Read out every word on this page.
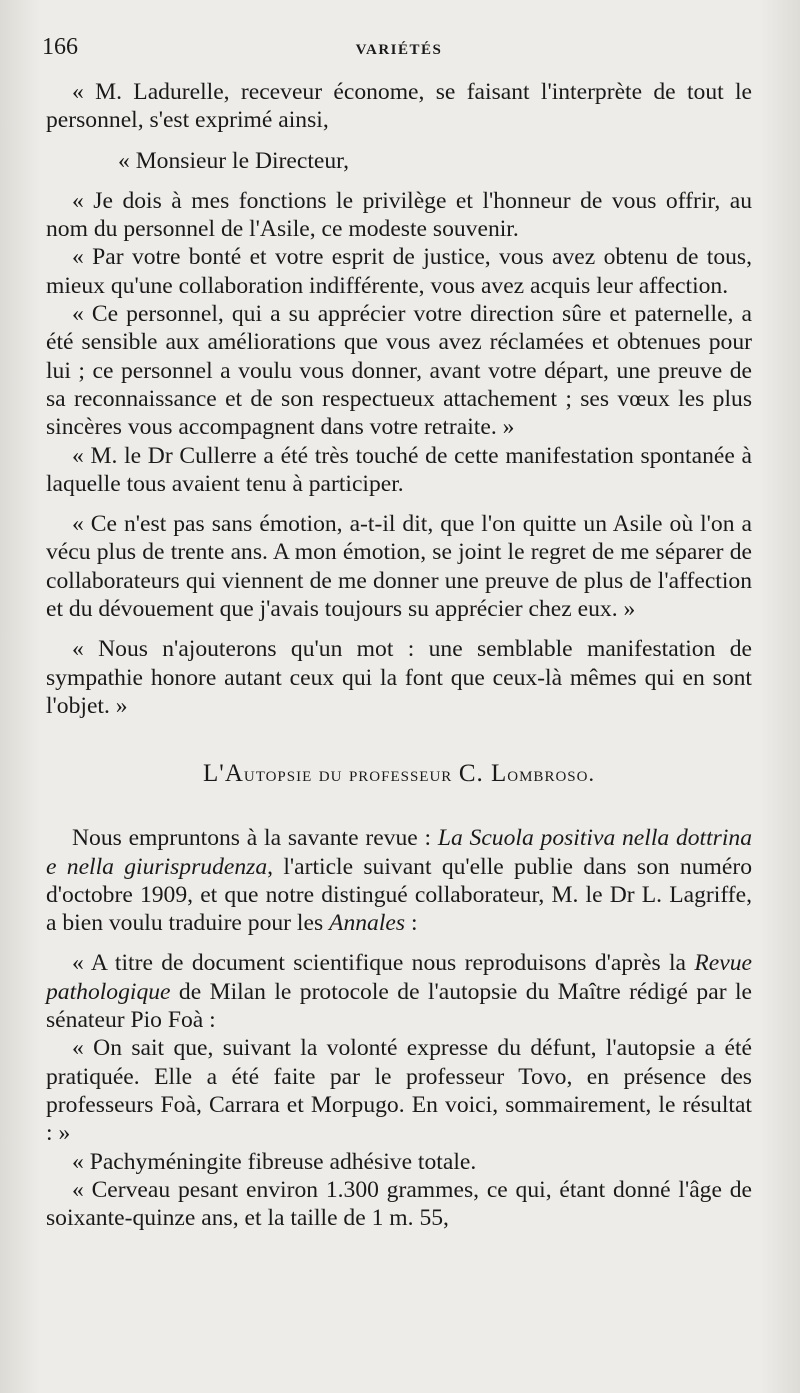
166	VARIÉTÉS

« M. Ladurelle, receveur économe, se faisant l'interprète de tout le personnel, s'est exprimé ainsi,

« Monsieur le Directeur,

« Je dois à mes fonctions le privilège et l'honneur de vous offrir, au nom du personnel de l'Asile, ce modeste souvenir.

« Par votre bonté et votre esprit de justice, vous avez obtenu de tous, mieux qu'une collaboration indifférente, vous avez acquis leur affection.

« Ce personnel, qui a su apprécier votre direction sûre et paternelle, a été sensible aux améliorations que vous avez réclamées et obtenues pour lui ; ce personnel a voulu vous donner, avant votre départ, une preuve de sa reconnaissance et de son respectueux attachement ; ses vœux les plus sincères vous accompagnent dans votre retraite. »

« M. le Dr Cullerre a été très touché de cette manifestation spontanée à laquelle tous avaient tenu à participer.

« Ce n'est pas sans émotion, a-t-il dit, que l'on quitte un Asile où l'on a vécu plus de trente ans. A mon émotion, se joint le regret de me séparer de collaborateurs qui viennent de me donner une preuve de plus de l'affection et du dévouement que j'avais toujours su apprécier chez eux. »

« Nous n'ajouterons qu'un mot : une semblable manifestation de sympathie honore autant ceux qui la font que ceux-là mêmes qui en sont l'objet. »

L'Autopsie du professeur C. Lombroso.

Nous empruntons à la savante revue : La Scuola positiva nella dottrina e nella giurisprudenza, l'article suivant qu'elle publie dans son numéro d'octobre 1909, et que notre distingué collaborateur, M. le Dr L. Lagriffe, a bien voulu traduire pour les Annales :

« A titre de document scientifique nous reproduisons d'après la Revue pathologique de Milan le protocole de l'autopsie du Maître rédigé par le sénateur Pio Foà :

« On sait que, suivant la volonté expresse du défunt, l'autopsie a été pratiquée. Elle a été faite par le professeur Tovo, en présence des professeurs Foà, Carrara et Morpugo. En voici, sommairement, le résultat : »

« Pachyméningite fibreuse adhésive totale.

« Cerveau pesant environ 1.300 grammes, ce qui, étant donné l'âge de soixante-quinze ans, et la taille de 1 m. 55,
